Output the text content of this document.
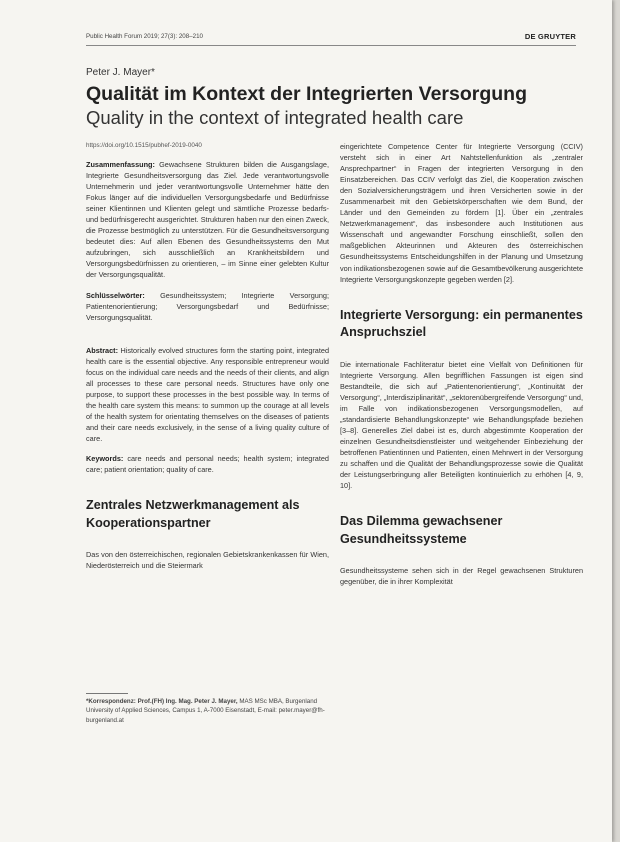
Public Health Forum 2019; 27(3): 208–210	DE GRUYTER
Peter J. Mayer*
Qualität im Kontext der Integrierten Versorgung
Quality in the context of integrated health care

https://doi.org/10.1515/pubhef-2019-0040

Zusammenfassung: Gewachsene Strukturen bilden die Ausgangslage, Integrierte Gesundheitsversorgung das Ziel. Jede verantwortungsvolle Unternehmerin und jeder verantwortungsvolle Unternehmer hätte den Fokus länger auf die individuellen Versorgungsbedarfe und Bedürfnisse seiner Klientinnen und Klienten gelegt und sämtliche Prozesse bedarfs- und bedürfnisgerecht ausgerichtet. Strukturen haben nur den einen Zweck, die Prozesse bestmöglich zu unterstützen. Für die Gesundheitsversorgung bedeutet dies: Auf allen Ebenen des Gesundheitssystems den Mut aufzubringen, sich ausschließlich an Krankheitsbildern und Versorgungsbedürfnissen zu orientieren, – im Sinne einer gelebten Kultur der Versorgungsqualität.

Schlüsselwörter: Gesundheitssystem; Integrierte Versorgung; Patientenorientierung; Versorgungsbedarf und Bedürfnisse; Versorgungsqualität.

Abstract: Historically evolved structures form the starting point, integrated health care is the essential objective. Any responsible entrepreneur would focus on the individual care needs and the needs of their clients, and align all processes to these care personal needs. Structures have only one purpose, to support these processes in the best possible way. In terms of the health care system this means: to summon up the courage at all levels of the health system for orientating themselves on the diseases of patients and their care needs exclusively, in the sense of a living quality culture of care.

Keywords: care needs and personal needs; health system; integrated care; patient orientation; quality of care.

Zentrales Netzwerkmanagement als Kooperationspartner

Das von den österreichischen, regionalen Gebietskrankenkassen für Wien, Niederösterreich und die Steiermark

*Korrespondenz: Prof.(FH) Ing. Mag. Peter J. Mayer, MAS MSc MBA, Burgenland University of Applied Sciences, Campus 1, A-7000 Eisenstadt, E-mail: peter.mayer@fh-burgenland.at

eingerichtete Competence Center für Integrierte Versorgung (CCIV) versteht sich in einer Art Nahtstellenfunktion als „zentraler Ansprechpartner“ in Fragen der integrierten Versorgung in den Einsatzbereichen. Das CCIV verfolgt das Ziel, die Kooperation zwischen den Sozialversicherungsträgern und ihren Versicherten sowie in der Zusammenarbeit mit den Gebietskörperschaften wie dem Bund, der Länder und den Gemeinden zu fördern [1]. Über ein „zentrales Netzwerkmanagement“, das insbesondere auch Institutionen aus Wissenschaft und angewandter Forschung einschließt, sollen den maßgeblichen Akteurinnen und Akteuren des österreichischen Gesundheitssystems Entscheidungshilfen in der Planung und Umsetzung von indikationsbezogenen sowie auf die Gesamtbevölkerung ausgerichtete Integrierte Versorgungskonzepte gegeben werden [2].

Integrierte Versorgung: ein permanentes Anspruchsziel

Die internationale Fachliteratur bietet eine Vielfalt von Definitionen für Integrierte Versorgung. Allen begrifflichen Fassungen ist eigen sind Bestandteile, die sich auf „Patientenorientierung“, „Kontinuität der Versorgung“, „Interdisziplinarität“, „sektorenübergreifende Versorgung“ und, im Falle von indikationsbezogenen Versorgungsmodellen, auf „standardisierte Behandlungskonzepte“ wie Behandlungspfade beziehen [3–8]. Generelles Ziel dabei ist es, durch abgestimmte Kooperation der einzelnen Gesundheitsdienstleister und weitgehender Einbeziehung der betroffenen Patientinnen und Patienten, einen Mehrwert in der Versorgung zu schaffen und die Qualität der Behandlungsprozesse sowie die Qualität der Leistungserbringung aller Beteiligten kontinuierlich zu erhöhen [4, 9, 10].

Das Dilemma gewachsener Gesundheitssysteme

Gesundheitssysteme sehen sich in der Regel gewachsenen Strukturen gegenüber, die in ihrer Komplexität
